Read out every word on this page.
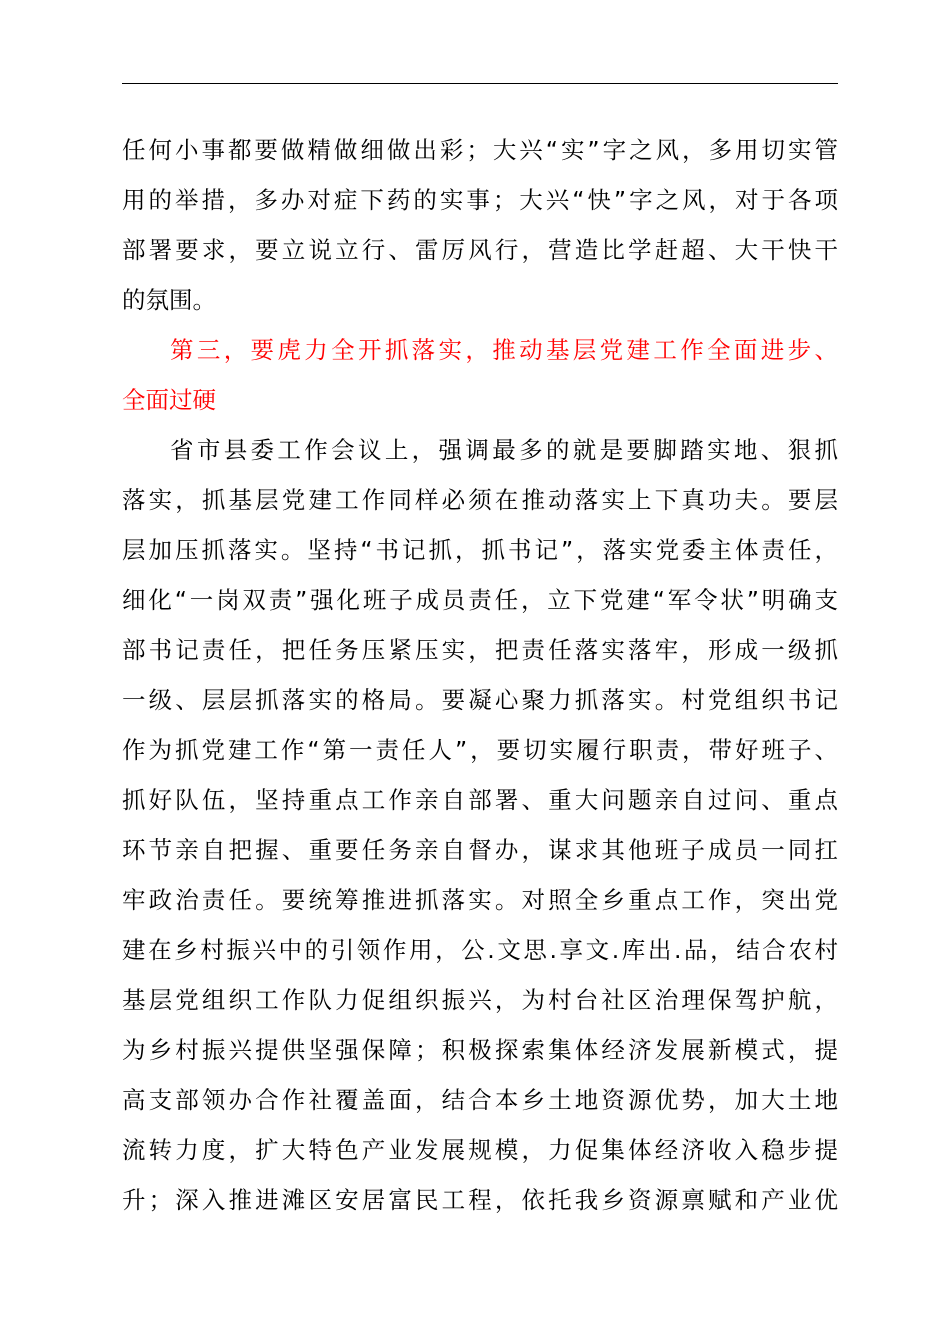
任何小事都要做精做细做出彩；大兴“实”字之风，多用切实管
用的举措，多办对症下药的实事；大兴“快”字之风，对于各项
部署要求，要立说立行、雷厉风行，营造比学赶超、大干快干
的氛围。
第三，要虎力全开抓落实，推动基层党建工作全面进步、
全面过硬
省市县委工作会议上，强调最多的就是要脚踏实地、狠抓
落实，抓基层党建工作同样必须在推动落实上下真功夫。要层
层加压抓落实。坚持“书记抓，抓书记”，落实党委主体责任，
细化“一岗双责”强化班子成员责任，立下党建“军令状”明确支
部书记责任，把任务压紧压实，把责任落实落牢，形成一级抓
一级、层层抓落实的格局。要凝心聚力抓落实。村党组织书记
作为抓党建工作“第一责任人”，要切实履行职责，带好班子、
抓好队伍，坚持重点工作亲自部署、重大问题亲自过问、重点
环节亲自把握、重要任务亲自督办，谋求其他班子成员一同扛
牢政治责任。要统筹推进抓落实。对照全乡重点工作，突出党
建在乡村振兴中的引领作用，公.文思.享文.库出.品，结合农村
基层党组织工作队力促组织振兴，为村台社区治理保驾护航，
为乡村振兴提供坚强保障；积极探索集体经济发展新模式，提
高支部领办合作社覆盖面，结合本乡土地资源优势，加大土地
流转力度，扩大特色产业发展规模，力促集体经济收入稳步提
升；深入推进滩区安居富民工程，依托我乡资源禀赋和产业优
